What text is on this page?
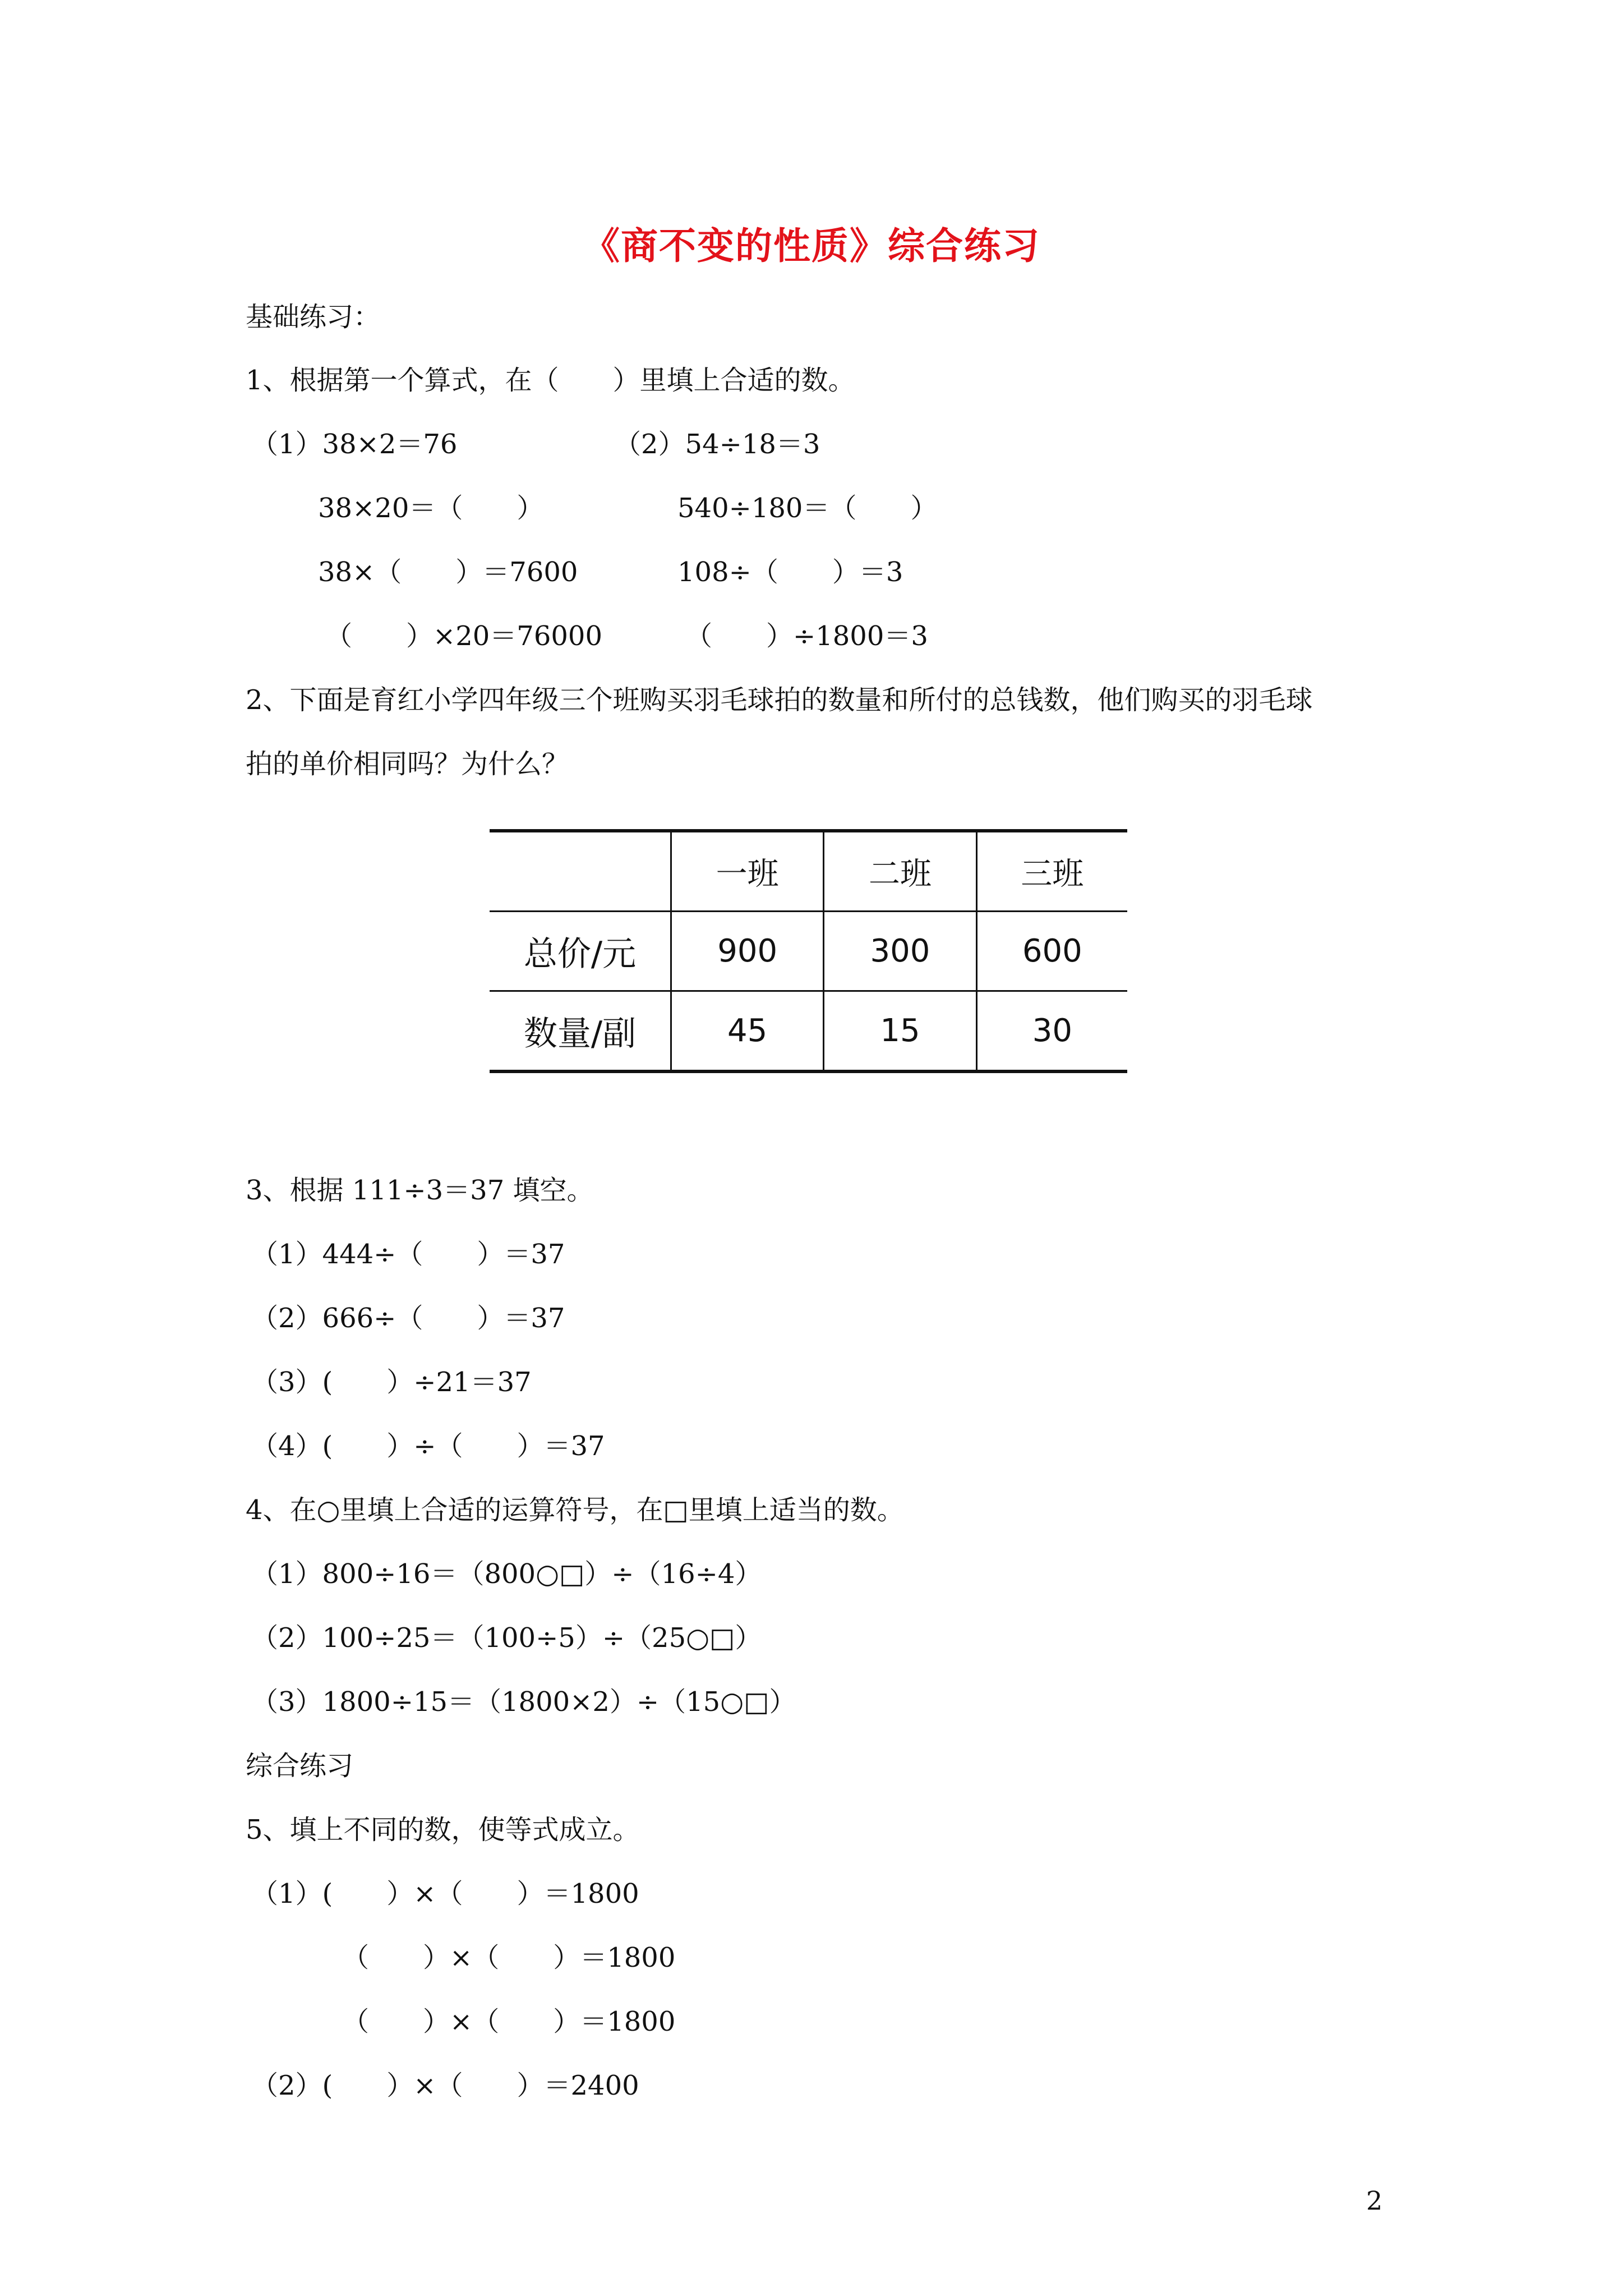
《商不变的性质》综合练习
基础练习：
1、根据第一个算式，在（　　）里填上合适的数。
（1）38×2＝76
38×20＝（　　）
38×（　　）＝7600
（　　）×20＝76000
（2）54÷18＝3
540÷180＝（　　）
108÷（　　）＝3
（　　）÷1800＝3
2、下面是育红小学四年级三个班购买羽毛球拍的数量和所付的总钱数，他们购买的羽毛球
拍的单价相同吗？为什么？
	一班	二班	三班
总价/元	900	300	600
数量/副	45	15	30
3、根据 111÷3＝37 填空。
（1）444÷（　　）＝37
（2）666÷（　　）＝37
（3）(　　）÷21＝37
（4）(　　）÷（　　）＝37
4、在○里填上合适的运算符号，在□里填上适当的数。
（1）800÷16＝（800○□）÷（16÷4）
（2）100÷25＝（100÷5）÷（25○□）
（3）1800÷15＝（1800×2）÷（15○□）
综合练习
5、填上不同的数，使等式成立。
（1）(　　）×（　　）＝1800
（　　）×（　　）＝1800
（　　）×（　　）＝1800
（2）(　　）×（　　）＝2400
2
